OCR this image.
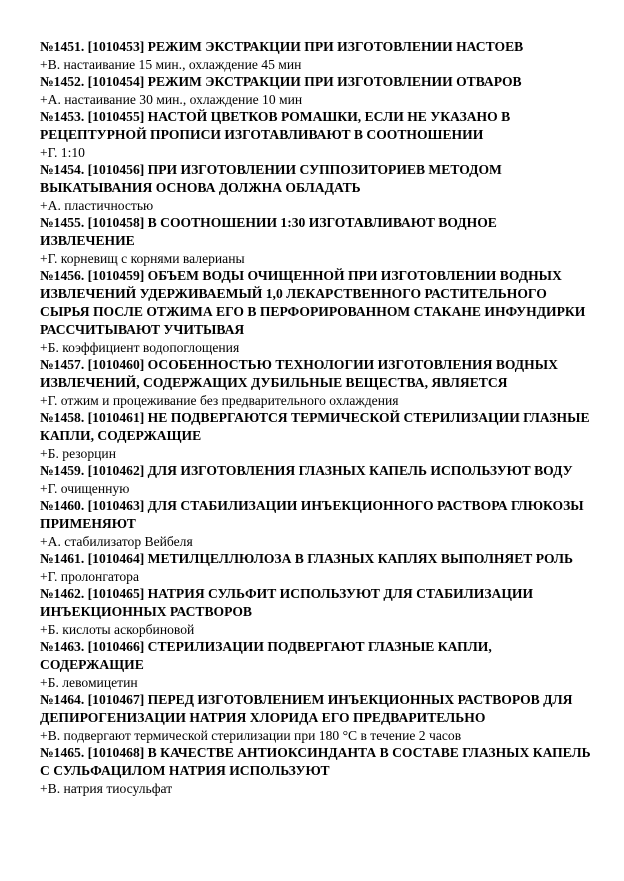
№1451. [1010453] РЕЖИМ ЭКСТРАКЦИИ ПРИ ИЗГОТОВЛЕНИИ НАСТОЕВ
+В. настаивание 15 мин., охлаждение 45 мин
№1452. [1010454] РЕЖИМ ЭКСТРАКЦИИ ПРИ ИЗГОТОВЛЕНИИ ОТВАРОВ
+А. настаивание 30 мин., охлаждение 10 мин
№1453. [1010455] НАСТОЙ ЦВЕТКОВ РОМАШКИ, ЕСЛИ НЕ УКАЗАНО В РЕЦЕПТУРНОЙ ПРОПИСИ ИЗГОТАВЛИВАЮТ В СООТНОШЕНИИ
+Г. 1:10
№1454. [1010456] ПРИ ИЗГОТОВЛЕНИИ СУППОЗИТОРИЕВ МЕТОДОМ ВЫКАТЫВАНИЯ ОСНОВА ДОЛЖНА ОБЛАДАТЬ
+А. пластичностью
№1455. [1010458] В СООТНОШЕНИИ 1:30 ИЗГОТАВЛИВАЮТ ВОДНОЕ ИЗВЛЕЧЕНИЕ
+Г. корневищ с корнями валерианы
№1456. [1010459] ОБЪЕМ ВОДЫ ОЧИЩЕННОЙ ПРИ ИЗГОТОВЛЕНИИ ВОДНЫХ ИЗВЛЕЧЕНИЙ УДЕРЖИВАЕМЫЙ 1,0 ЛЕКАРСТВЕННОГО РАСТИТЕЛЬНОГО СЫРЬЯ ПОСЛЕ ОТЖИМА ЕГО В ПЕРФОРИРОВАННОМ СТАКАНЕ ИНФУНДИРКИ РАССЧИТЫВАЮТ УЧИТЫВАЯ
+Б. коэффициент водопоглощения
№1457. [1010460] ОСОБЕННОСТЬЮ ТЕХНОЛОГИИ ИЗГОТОВЛЕНИЯ ВОДНЫХ ИЗВЛЕЧЕНИЙ, СОДЕРЖАЩИХ ДУБИЛЬНЫЕ ВЕЩЕСТВА, ЯВЛЯЕТСЯ
+Г. отжим и процеживание без предварительного охлаждения
№1458. [1010461] НЕ ПОДВЕРГАЮТСЯ ТЕРМИЧЕСКОЙ СТЕРИЛИЗАЦИИ ГЛАЗНЫЕ КАПЛИ, СОДЕРЖАЩИЕ
+Б. резорцин
№1459. [1010462] ДЛЯ ИЗГОТОВЛЕНИЯ ГЛАЗНЫХ КАПЕЛЬ ИСПОЛЬЗУЮТ ВОДУ
+Г. очищенную
№1460. [1010463] ДЛЯ СТАБИЛИЗАЦИИ ИНЪЕКЦИОННОГО РАСТВОРА ГЛЮКОЗЫ ПРИМЕНЯЮТ
+А. стабилизатор Вейбеля
№1461. [1010464] МЕТИЛЦЕЛЛЮЛОЗА В ГЛАЗНЫХ КАПЛЯХ ВЫПОЛНЯЕТ РОЛЬ
+Г. пролонгатора
№1462. [1010465] НАТРИЯ СУЛЬФИТ ИСПОЛЬЗУЮТ ДЛЯ СТАБИЛИЗАЦИИ ИНЪЕКЦИОННЫХ РАСТВОРОВ
+Б. кислоты аскорбиновой
№1463. [1010466] СТЕРИЛИЗАЦИИ ПОДВЕРГАЮТ ГЛАЗНЫЕ КАПЛИ, СОДЕРЖАЩИЕ
+Б. левомицетин
№1464. [1010467] ПЕРЕД ИЗГОТОВЛЕНИЕМ ИНЪЕКЦИОННЫХ РАСТВОРОВ ДЛЯ ДЕПИРОГЕНИЗАЦИИ НАТРИЯ ХЛОРИДА ЕГО ПРЕДВАРИТЕЛЬНО
+В. подвергают термической стерилизации при 180 °С в течение 2 часов
№1465. [1010468] В КАЧЕСТВЕ АНТИОКСИНДАНТА В СОСТАВЕ ГЛАЗНЫХ КАПЕЛЬ С СУЛЬФАЦИЛОМ НАТРИЯ ИСПОЛЬЗУЮТ
+В. натрия тиосульфат
